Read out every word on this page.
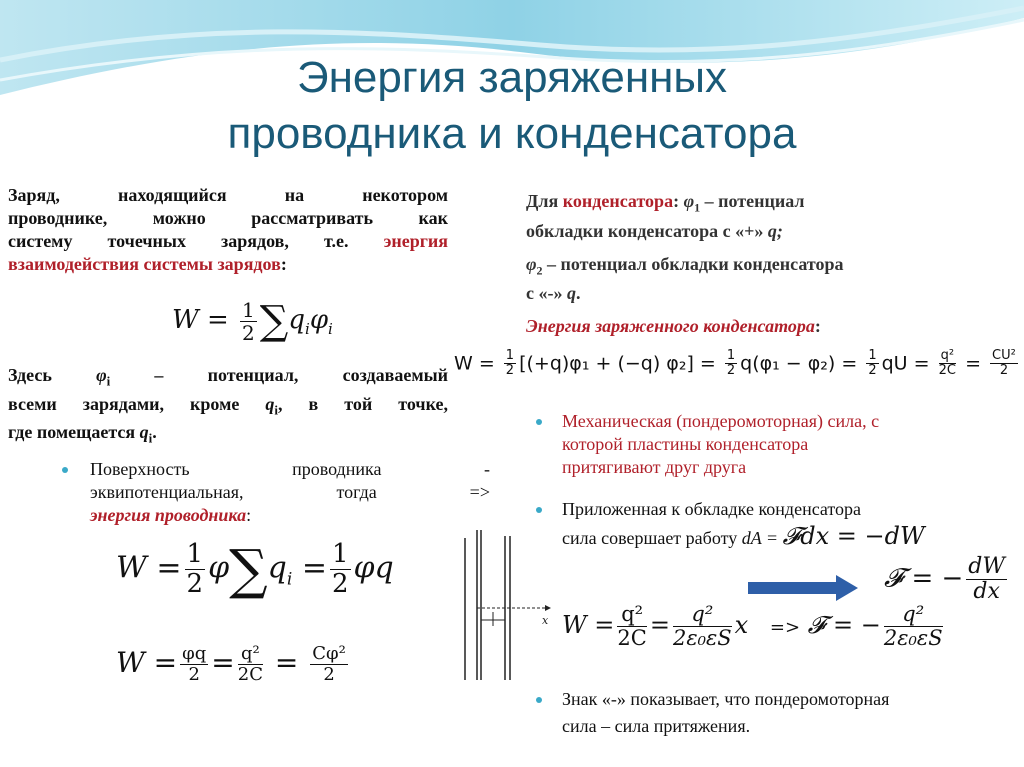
Энергия заряженных
проводника и конденсатора
Заряд, находящийся на некотором
проводнике, можно рассматривать как
систему точечных зарядов, т.е. энергия
взаимодействия системы зарядов:
$W = \frac{1}{2} \sum q_i\varphi_i$
Здесь $\varphi_i$ – потенциал, создаваемый
всеми зарядами, кроме $q_i$, в той точке,
где помещается $q_i$.
Поверхность	проводника	-
эквипотенциальная,	тогда	=>
энергия проводника:
$W = \frac{1}{2} \varphi\sum q_i = \frac{1}{2}$ φq
$W = \frac{\varphi q}{2} = \frac{\text{q²}}{2C} = \frac{\text{Cφ²}}{2}$
Для конденсатора: $\varphi_1$ – потенциал
обкладки конденсатора с «+» q;
$\varphi_2$ – потенциал обкладки конденсатора
с «-» q.
Энергия заряженного конденсатора:
$W = \frac{1}{2} [(+q)\varphi_1 + (-q) \varphi_2] = \frac{1}{2} q(\varphi_1 - \varphi_2) = \frac{1}{2}$ qU = $\frac{\text{q²}}{2C} = \frac{\text{CU²}}{2}$
Механическая (пондеромоторная) сила, с
которой пластины конденсатора
притягивают друг друга
Приложенная к обкладке конденсатора
сила совершает работу dA = 𝓕dx = −dW
𝓕 = − $\frac{dW}{dx}$
$W = \frac{\text{q²}}{2C} = \frac{\text{q²}}{\text{2ε₀εS}}$ x => 𝓕 = − $\frac{\text{q²}}{\text{2ε₀εS}}$
Знак «-» показывает, что пондеромоторная
сила – сила притяжения.
x
